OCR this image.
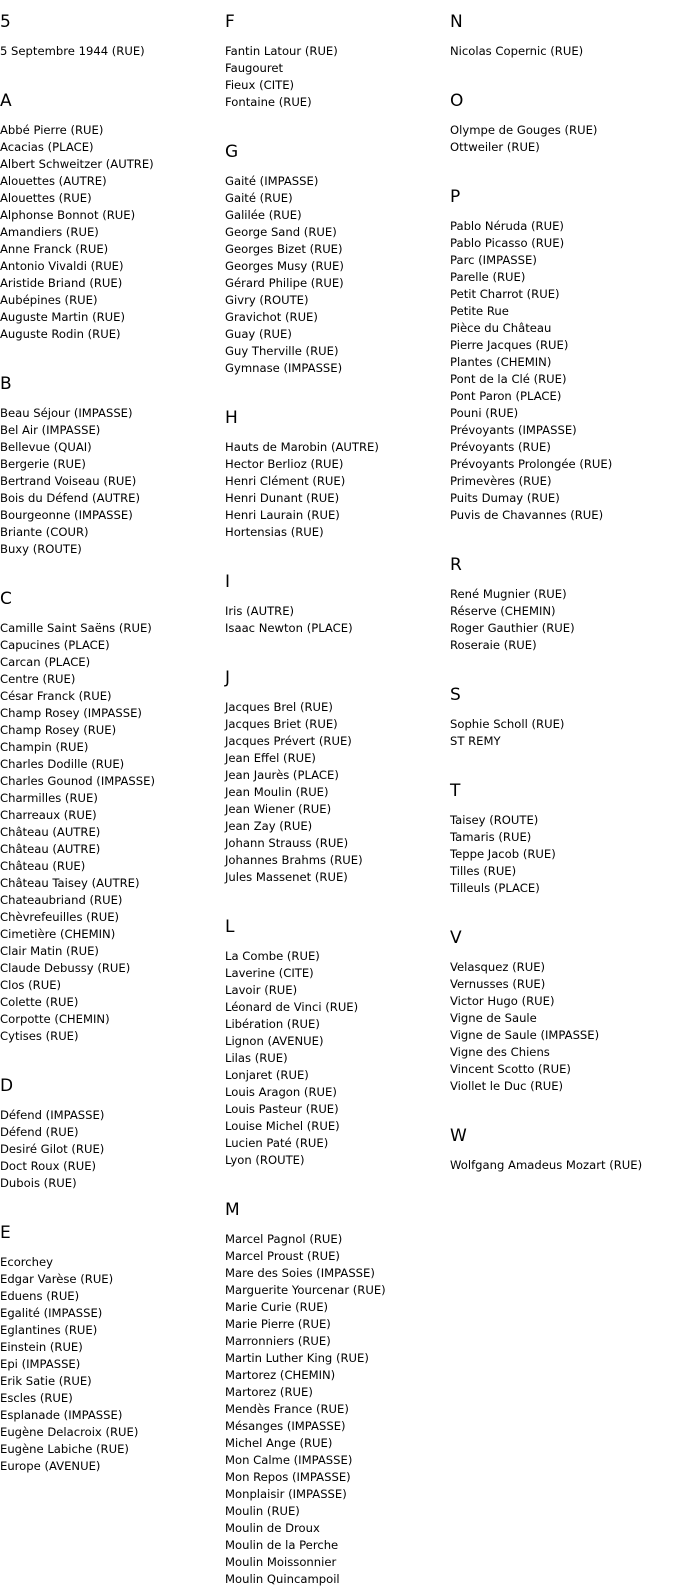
5
5 Septembre 1944 (RUE)
A
Abbé Pierre (RUE)
Acacias (PLACE)
Albert Schweitzer (AUTRE)
Alouettes (AUTRE)
Alouettes (RUE)
Alphonse Bonnot (RUE)
Amandiers (RUE)
Anne Franck (RUE)
Antonio Vivaldi (RUE)
Aristide Briand (RUE)
Aubépines (RUE)
Auguste Martin (RUE)
Auguste Rodin (RUE)
B
Beau Séjour (IMPASSE)
Bel Air (IMPASSE)
Bellevue (QUAI)
Bergerie (RUE)
Bertrand Voiseau (RUE)
Bois du Défend (AUTRE)
Bourgeonne (IMPASSE)
Briante (COUR)
Buxy (ROUTE)
C
Camille Saint Saëns (RUE)
Capucines (PLACE)
Carcan (PLACE)
Centre (RUE)
César Franck (RUE)
Champ Rosey (IMPASSE)
Champ Rosey (RUE)
Champin (RUE)
Charles Dodille (RUE)
Charles Gounod (IMPASSE)
Charmilles (RUE)
Charreaux (RUE)
Château (AUTRE)
Château (AUTRE)
Château (RUE)
Château Taisey (AUTRE)
Chateaubriand (RUE)
Chèvrefeuilles (RUE)
Cimetière (CHEMIN)
Clair Matin (RUE)
Claude Debussy (RUE)
Clos (RUE)
Colette (RUE)
Corpotte (CHEMIN)
Cytises (RUE)
D
Défend (IMPASSE)
Défend (RUE)
Desiré Gilot (RUE)
Doct Roux (RUE)
Dubois (RUE)
E
Ecorchey
Edgar Varèse (RUE)
Eduens (RUE)
Egalité (IMPASSE)
Eglantines (RUE)
Einstein (RUE)
Epi (IMPASSE)
Erik Satie (RUE)
Escles (RUE)
Esplanade (IMPASSE)
Eugène Delacroix (RUE)
Eugène Labiche (RUE)
Europe (AVENUE)
F
Fantin Latour (RUE)
Faugouret
Fieux (CITE)
Fontaine (RUE)
G
Gaité (IMPASSE)
Gaité (RUE)
Galilée (RUE)
George Sand (RUE)
Georges Bizet (RUE)
Georges Musy (RUE)
Gérard Philipe (RUE)
Givry (ROUTE)
Gravichot (RUE)
Guay (RUE)
Guy Therville (RUE)
Gymnase (IMPASSE)
H
Hauts de Marobin (AUTRE)
Hector Berlioz (RUE)
Henri Clément (RUE)
Henri Dunant (RUE)
Henri Laurain (RUE)
Hortensias (RUE)
I
Iris (AUTRE)
Isaac Newton (PLACE)
J
Jacques Brel (RUE)
Jacques Briet (RUE)
Jacques Prévert (RUE)
Jean Effel (RUE)
Jean Jaurès (PLACE)
Jean Moulin (RUE)
Jean Wiener (RUE)
Jean Zay (RUE)
Johann Strauss (RUE)
Johannes Brahms (RUE)
Jules Massenet (RUE)
L
La Combe (RUE)
Laverine (CITE)
Lavoir (RUE)
Léonard de Vinci (RUE)
Libération (RUE)
Lignon (AVENUE)
Lilas (RUE)
Lonjaret (RUE)
Louis Aragon (RUE)
Louis Pasteur (RUE)
Louise Michel (RUE)
Lucien Paté (RUE)
Lyon (ROUTE)
M
Marcel Pagnol (RUE)
Marcel Proust (RUE)
Mare des Soies (IMPASSE)
Marguerite Yourcenar (RUE)
Marie Curie (RUE)
Marie Pierre (RUE)
Marronniers (RUE)
Martin Luther King (RUE)
Martorez (CHEMIN)
Martorez (RUE)
Mendès France (RUE)
Mésanges (IMPASSE)
Michel Ange (RUE)
Mon Calme (IMPASSE)
Mon Repos (IMPASSE)
Monplaisir (IMPASSE)
Moulin (RUE)
Moulin de Droux
Moulin de la Perche
Moulin Moissonnier
Moulin Quincampoil
N
Nicolas Copernic (RUE)
O
Olympe de Gouges (RUE)
Ottweiler (RUE)
P
Pablo Néruda (RUE)
Pablo Picasso (RUE)
Parc (IMPASSE)
Parelle (RUE)
Petit Charrot (RUE)
Petite Rue
Pièce du Château
Pierre Jacques (RUE)
Plantes (CHEMIN)
Pont de la Clé (RUE)
Pont Paron (PLACE)
Pouni (RUE)
Prévoyants (IMPASSE)
Prévoyants (RUE)
Prévoyants Prolongée (RUE)
Primevères (RUE)
Puits Dumay (RUE)
Puvis de Chavannes (RUE)
R
René Mugnier (RUE)
Réserve (CHEMIN)
Roger Gauthier (RUE)
Roseraie (RUE)
S
Sophie Scholl (RUE)
ST REMY
T
Taisey (ROUTE)
Tamaris (RUE)
Teppe Jacob (RUE)
Tilles (RUE)
Tilleuls (PLACE)
V
Velasquez (RUE)
Vernusses (RUE)
Victor Hugo (RUE)
Vigne de Saule
Vigne de Saule (IMPASSE)
Vigne des Chiens
Vincent Scotto (RUE)
Viollet le Duc (RUE)
W
Wolfgang Amadeus Mozart (RUE)
